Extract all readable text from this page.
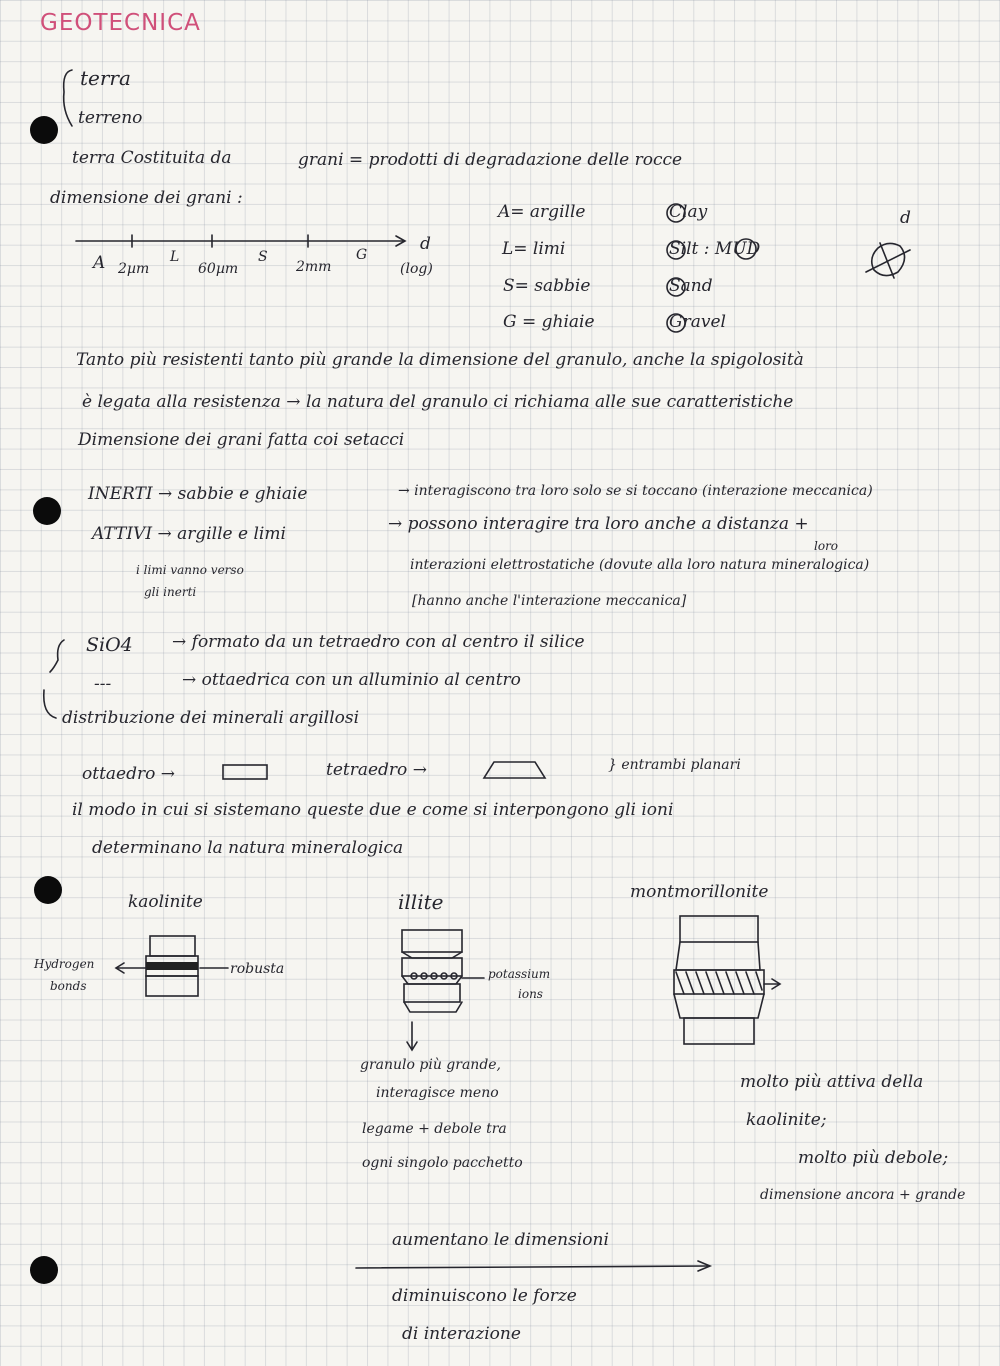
GEOTECNICA
terra
terreno
terra Costituita da	grani = prodotti di degradazione delle rocce
dimensione dei grani :
A	L	S	G
2µm	60µm	2mm
d
(log)
A= argille	Clay
L= limi	Silt : MUD
S= sabbie	Sand
G = ghiaie	Gravel
d
Tanto più resistenti tanto più grande la dimensione del granulo, anche la spigolosità
è legata alla resistenza → la natura del granulo ci richiama alle sue caratteristiche
Dimensione dei grani fatta coi setacci
INERTI → sabbie e ghiaie	→ interagiscono tra loro solo se si toccano (interazione meccanica)
ATTIVI → argille e limi	→ possono interagire tra loro anche a distanza +
loro
interazioni elettrostatiche (dovute alla loro natura mineralogica)
[hanno anche l'interazione meccanica]
i limi vanno verso
gli inerti
SiO4 → formato da un tetraedro con al centro il silice
---	→ ottaedrica con un alluminio al centro
distribuzione dei minerali argillosi
ottaedro →	tetraedro →	} entrambi planari
il modo in cui si sistemano queste due e come si interpongono gli ioni
determinano la natura mineralogica
kaolinite
Hydrogen
bonds
robusta
illite
potassium
ions
granulo più grande,
interagisce meno
legame + debole tra
ogni singolo pacchetto
montmorillonite
molto più attiva della
kaolinite;
molto più debole;
dimensione ancora + grande
aumentano le dimensioni
diminuiscono le forze
di interazione
